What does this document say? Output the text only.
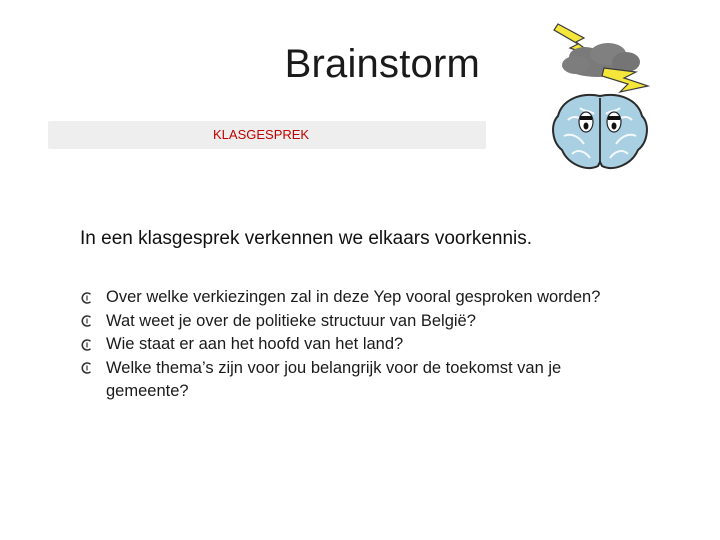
Brainstorm
KLASGESPREK
In een klasgesprek verkennen we elkaars voorkennis.
Over welke verkiezingen zal in deze Yep vooral gesproken worden?
Wat weet je over de politieke structuur van België?
Wie staat er aan het hoofd van het land?
Welke thema’s zijn voor jou belangrijk voor de toekomst van je gemeente?
